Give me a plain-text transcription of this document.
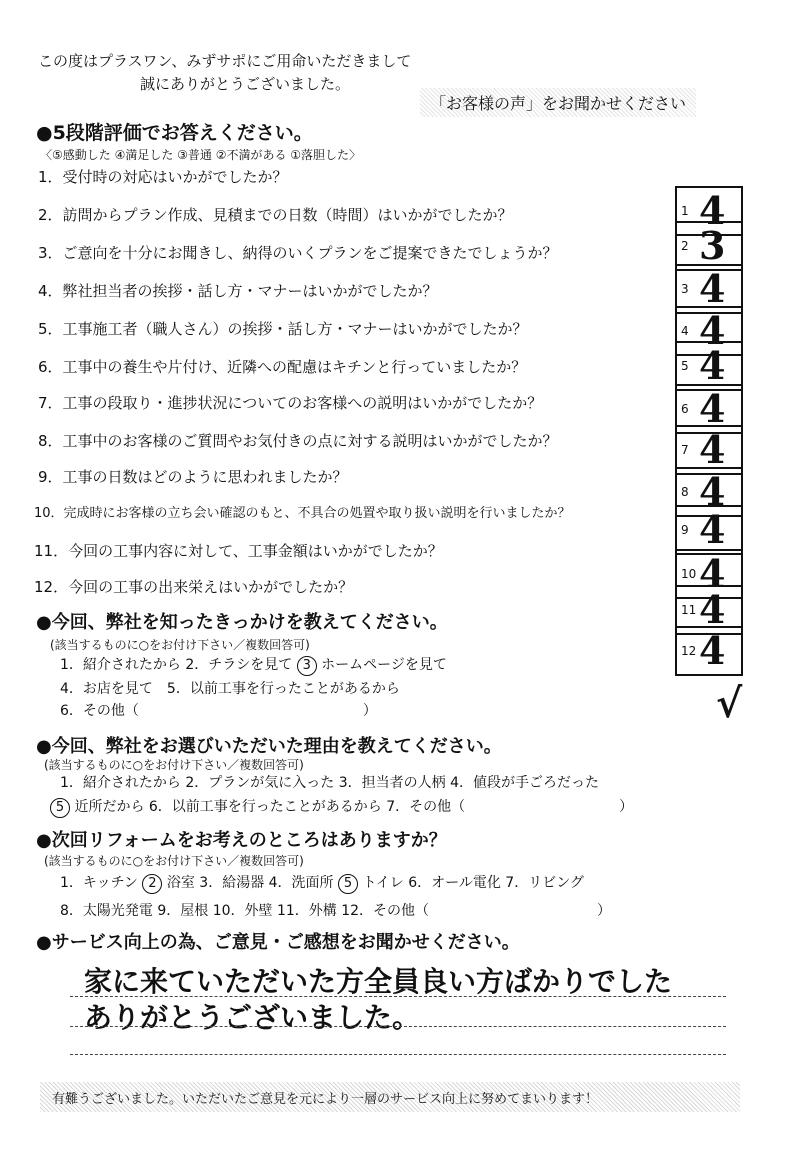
この度はプラスワン、みずサポにご用命いただきまして
誠にありがとうございました。
「お客様の声」をお聞かせください
●5段階評価でお答えください。
〈⑤感動した ④満足した ③普通 ②不満がある ①落胆した〉
1．受付時の対応はいかがでしたか？
2．訪問からプラン作成、見積までの日数（時間）はいかがでしたか？
3．ご意向を十分にお聞きし、納得のいくプランをご提案できたでしょうか？
4．弊社担当者の挨拶・話し方・マナーはいかがでしたか？
5．工事施工者（職人さん）の挨拶・話し方・マナーはいかがでしたか？
6．工事中の養生や片付け、近隣への配慮はキチンと行っていましたか？
7．工事の段取り・進捗状況についてのお客様への説明はいかがでしたか？
8．工事中のお客様のご質問やお気付きの点に対する説明はいかがでしたか？
9．工事の日数はどのように思われましたか？
10．完成時にお客様の立ち会い確認のもと、不具合の処置や取り扱い説明を行いましたか？
11．今回の工事内容に対して、工事金額はいかがでしたか？
12．今回の工事の出来栄えはいかがでしたか？
1 4
2 3
3 4
4 4
5 4
6 4
7 4
8 4
9 4
10 4
11 4
12 4
√
●今回、弊社を知ったきっかけを教えてください。
(該当するものに○をお付け下さい／複数回答可)
1．紹介されたから 2．チラシを見て 3 ホームページを見て
4．お店を見て　5．以前工事を行ったことがあるから
6．その他（　　　　　　　　　　　　　　　　）
●今回、弊社をお選びいただいた理由を教えてください。
(該当するものに○をお付け下さい／複数回答可)
1．紹介されたから 2．プランが気に入った 3．担当者の人柄 4．値段が手ごろだった
5 近所だから 6．以前工事を行ったことがあるから 7．その他（　　　　　　　　　　　）
●次回リフォームをお考えのところはありますか？
(該当するものに○をお付け下さい／複数回答可)
1．キッチン 2 浴室 3．給湯器 4．洗面所 5 トイレ 6．オール電化 7．リビング
8．太陽光発電 9．屋根 10．外壁 11．外構 12．その他（　　　　　　　　　　　　）
●サービス向上の為、ご意見・ご感想をお聞かせください。
家に来ていただいた方全員良い方ばかりでした
ありがとうございました。
有難うございました。いただいたご意見を元により一層のサービス向上に努めてまいります！
